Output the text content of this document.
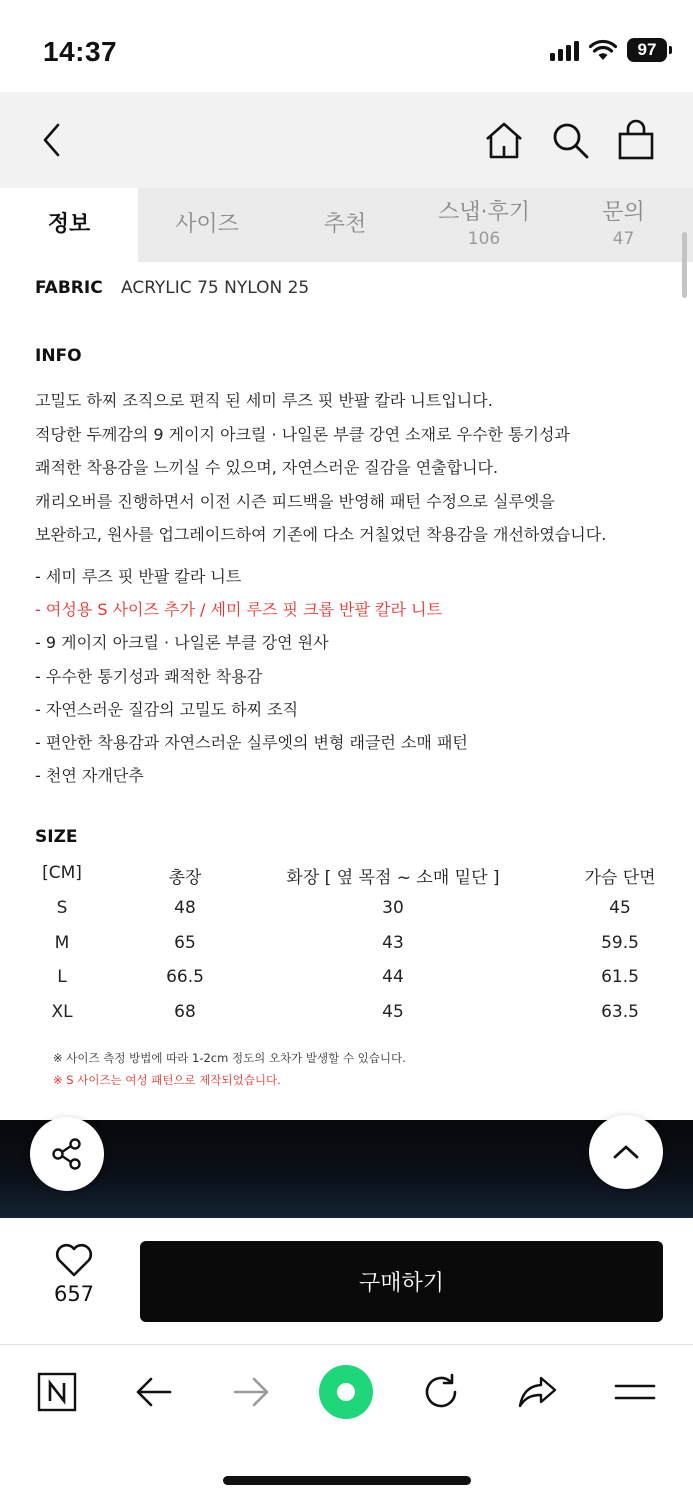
14:37	97
정보	사이즈	추천	스냅·후기
106
문의
47
FABRIC	ACRYLIC 75 NYLON 25
INFO
고밀도 하찌 조직으로 편직 된 세미 루즈 핏 반팔 칼라 니트입니다.
적당한 두께감의 9 게이지 아크릴 · 나일론 부클 강연 소재로 우수한 통기성과
쾌적한 착용감을 느끼실 수 있으며, 자연스러운 질감을 연출합니다.
캐리오버를 진행하면서 이전 시즌 피드백을 반영해 패턴 수정으로 실루엣을
보완하고, 원사를 업그레이드하여 기존에 다소 거칠었던 착용감을 개선하였습니다.
- 세미 루즈 핏 반팔 칼라 니트
- 여성용 S 사이즈 추가 / 세미 루즈 핏 크롭 반팔 칼라 니트
- 9 게이지 아크릴 · 나일론 부클 강연 원사
- 우수한 통기성과 쾌적한 착용감
- 자연스러운 질감의 고밀도 하찌 조직
- 편안한 착용감과 자연스러운 실루엣의 변형 래글런 소매 패턴
- 천연 자개단추
SIZE
[CM]	총장	화장 [ 옆 목점 ~ 소매 밑단 ]	가슴 단면
S	48	30	45
M	65	43	59.5
L	66.5	44	61.5
XL	68	45	63.5
※ 사이즈 측정 방법에 따라 1-2cm 정도의 오차가 발생할 수 있습니다.
※ S 사이즈는 여성 패턴으로 제작되었습니다.
657	구매하기
